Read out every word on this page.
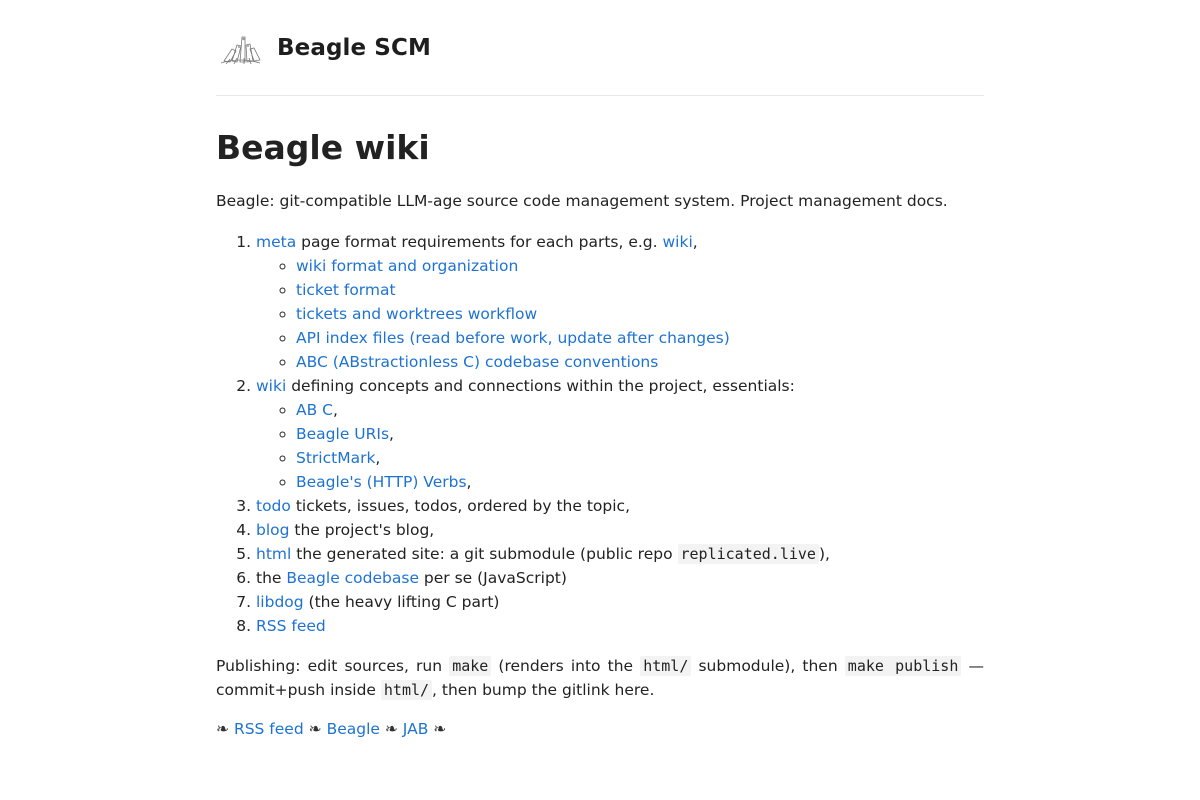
Beagle SCM
Beagle wiki

Beagle: git-compatible LLM-age source code management system. Project management docs.

1. meta page format requirements for each parts, e.g. wiki,
◦ wiki format and organization
◦ ticket format
◦ tickets and worktrees workflow
◦ API index files (read before work, update after changes)
◦ ABC (ABstractionless C) codebase conventions
2. wiki defining concepts and connections within the project, essentials:
◦ AB C,
◦ Beagle URIs,
◦ StrictMark,
◦ Beagle's (HTTP) Verbs,
3. todo tickets, issues, todos, ordered by the topic,
4. blog the project's blog,
5. html the generated site: a git submodule (public repo replicated.live ),
6. the Beagle codebase per se (JavaScript)
7. libdog (the heavy lifting C part)
8. RSS feed

Publishing: edit sources, run make (renders into the html/ submodule), then make publish — commit+push inside html/ , then bump the gitlink here.

❧ RSS feed ❧ Beagle ❧ JAB ❧
